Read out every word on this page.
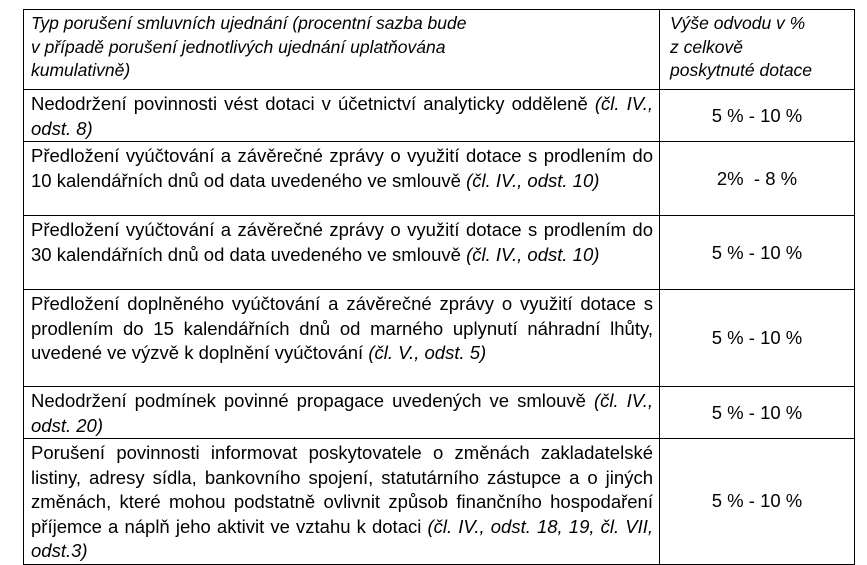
Typ porušení smluvních ujednání (procentní sazba bude
v případě porušení jednotlivých ujednání uplatňována
kumulativně)	Výše odvodu v %
z celkově
poskytnuté dotace

Nedodržení povinnosti vést dotaci v účetnictví analyticky odděleně (čl. IV., odst. 8)	5 % - 10 %
Předložení vyúčtování a závěrečné zprávy o využití dotace s prodlením do 10 kalendářních dnů od data uvedeného ve smlouvě (čl. IV., odst. 10)	2%  - 8 %
Předložení vyúčtování a závěrečné zprávy o využití dotace s prodlením do 30 kalendářních dnů od data uvedeného ve smlouvě (čl. IV., odst. 10)	5 % - 10 %
Předložení doplněného vyúčtování a závěrečné zprávy o využití dotace s prodlením do 15 kalendářních dnů od marného uplynutí náhradní lhůty, uvedené ve výzvě k doplnění vyúčtování (čl. V., odst. 5)	5 % - 10 %
Nedodržení podmínek povinné propagace uvedených ve smlouvě (čl. IV., odst. 20)	5 % - 10 %
Porušení povinnosti informovat poskytovatele o změnách zakladatelské listiny, adresy sídla, bankovního spojení, statutárního zástupce a o jiných změnách, které mohou podstatně ovlivnit způsob finančního hospodaření příjemce a náplň jeho aktivit ve vztahu k dotaci (čl. IV., odst. 18, 19, čl. VII, odst.3)	5 % - 10 %
